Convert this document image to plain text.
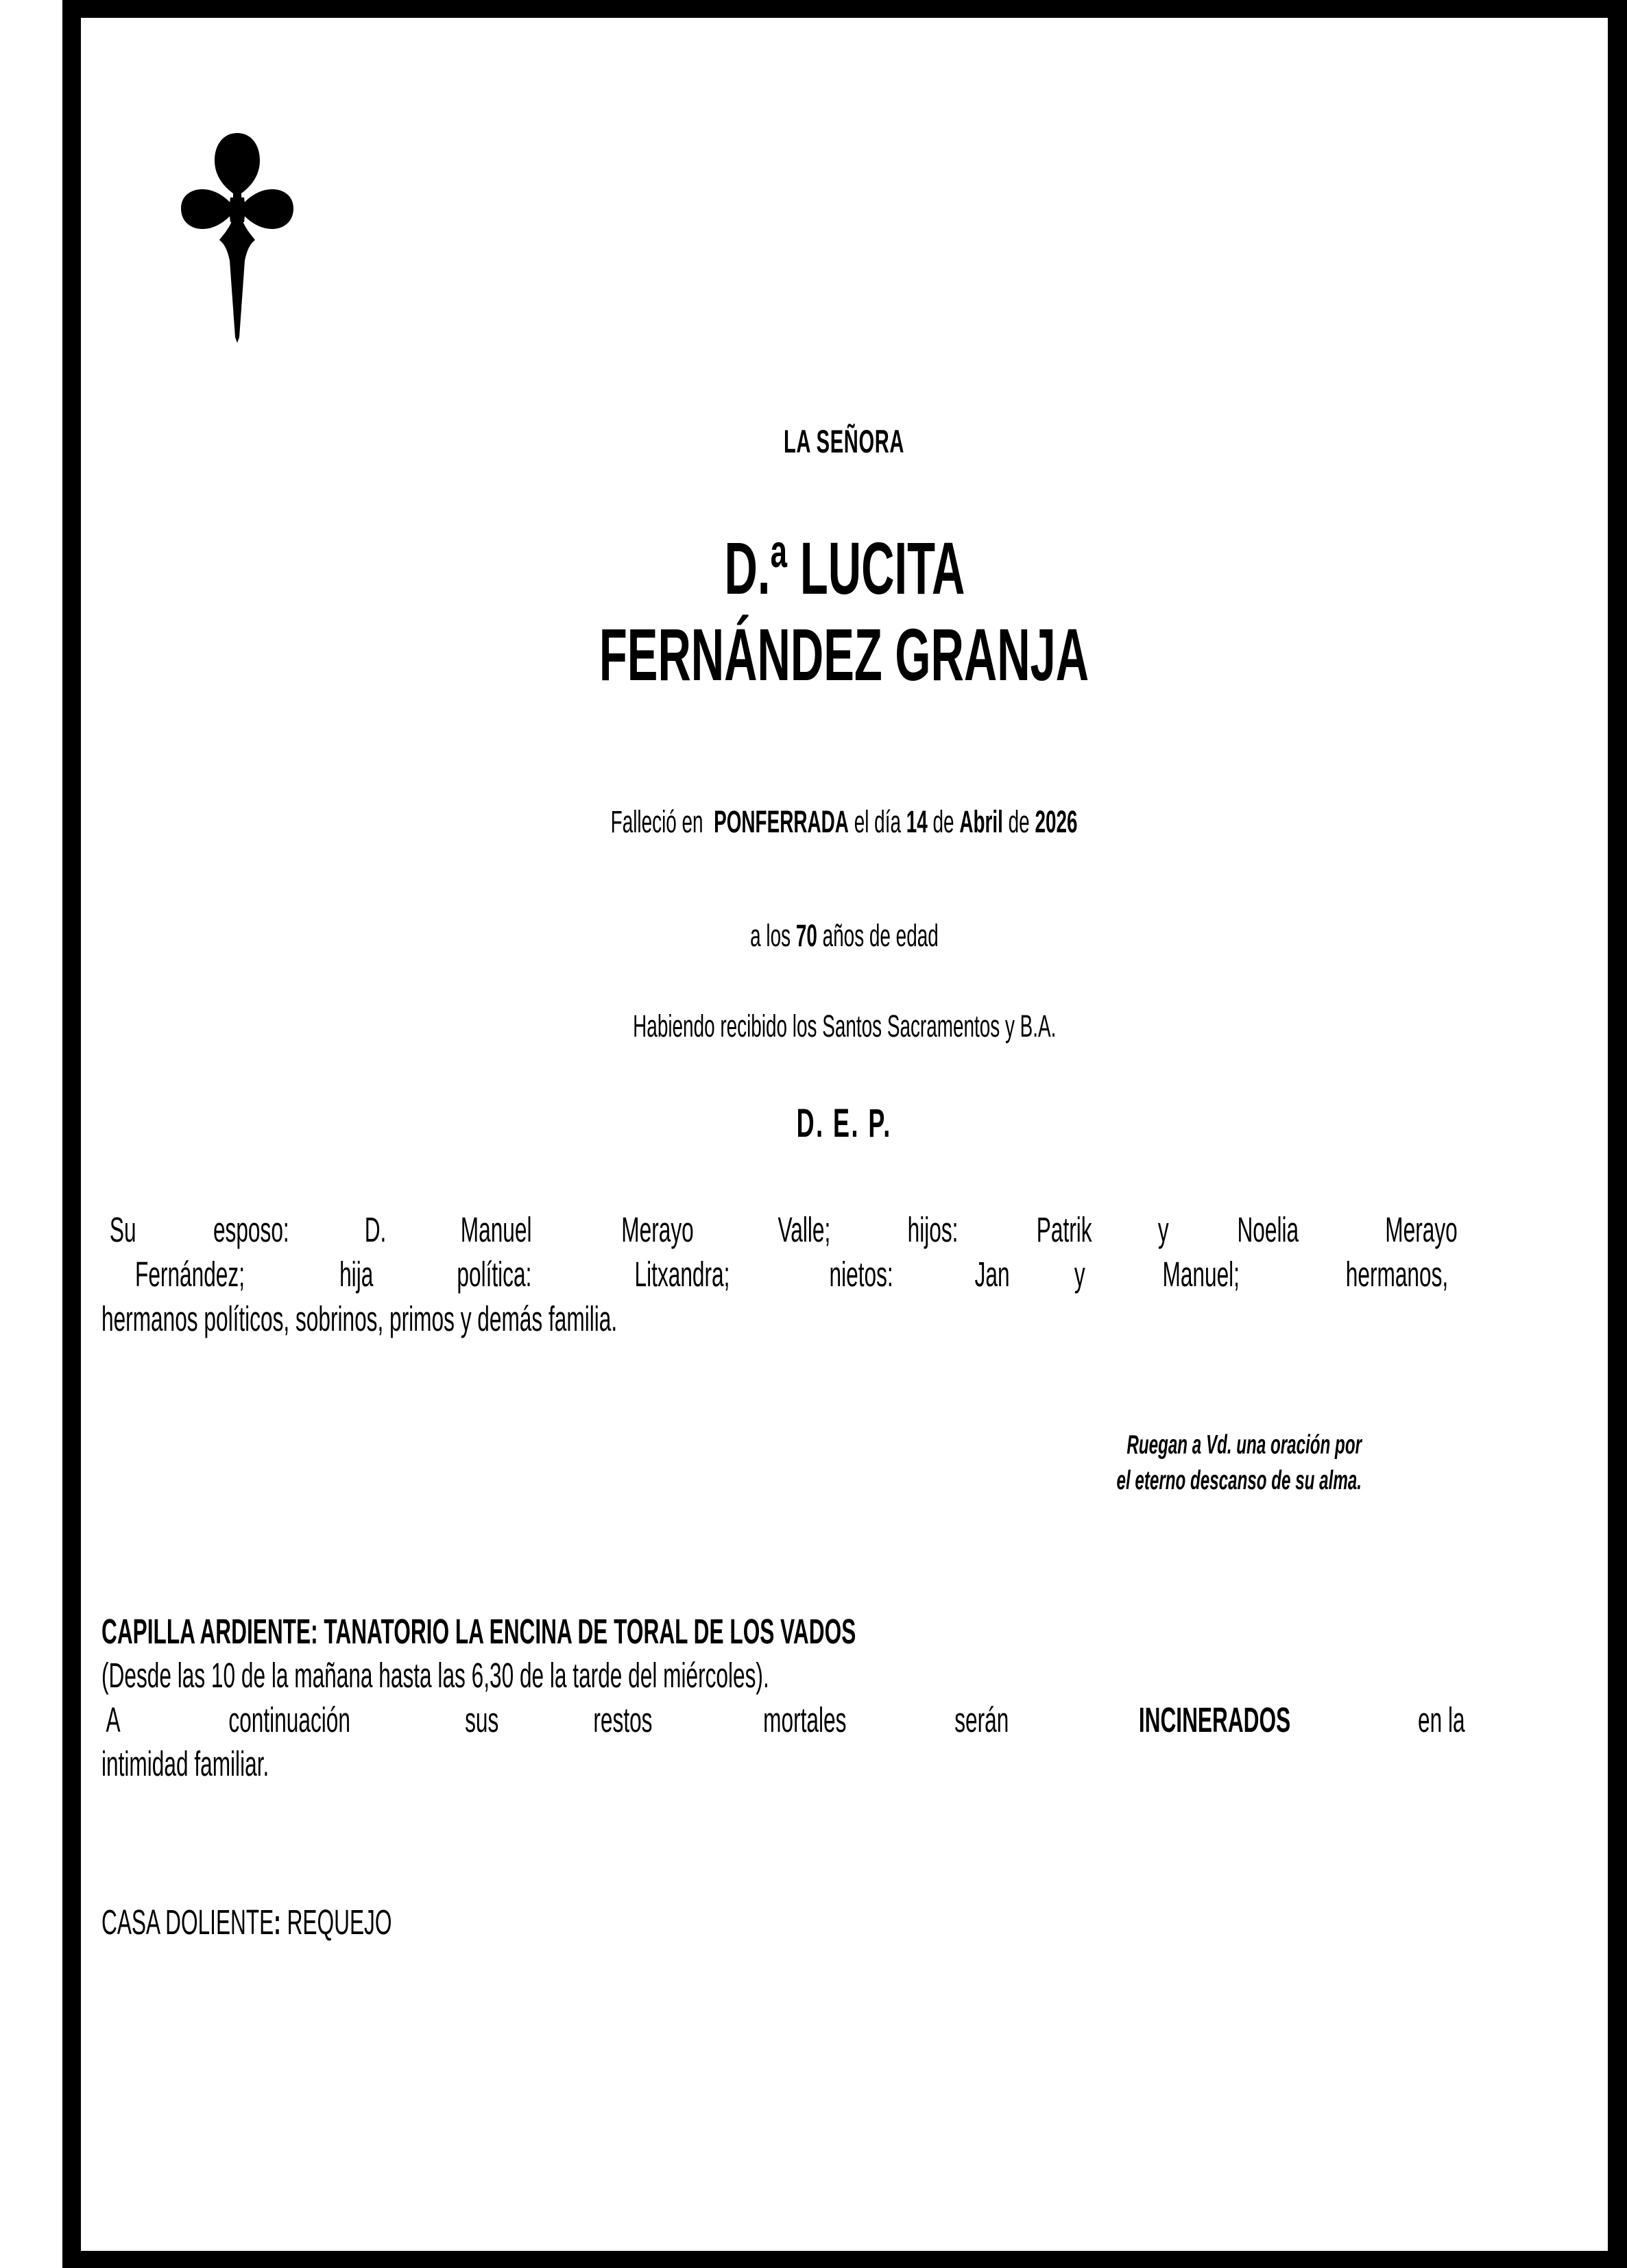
LA SEÑORA
D.ª LUCITA
FERNÁNDEZ GRANJA
Falleció en PONFERRADA el día 14 de Abril de 2026
a los 70 años de edad
Habiendo recibido los Santos Sacramentos y B.A.
D. E. P.
Su esposo: D. Manuel	Merayo Valle; hijos: Patrik y Noelia Merayo
Fernández;	hija política:	Litxandra;	nietos: Jan y Manuel;	hermanos,
hermanos políticos, sobrinos, primos y demás familia.
Ruegan a Vd. una oración por
el eterno descanso de su alma.
CAPILLA ARDIENTE: TANATORIO LA ENCINA DE TORAL DE LOS VADOS
(Desde las 10 de la mañana hasta las 6,30 de la tarde del miércoles).
A	continuación	sus	restos	mortales	serán	INCINERADOS	en la
intimidad familiar.
CASA DOLIENTE: REQUEJO
